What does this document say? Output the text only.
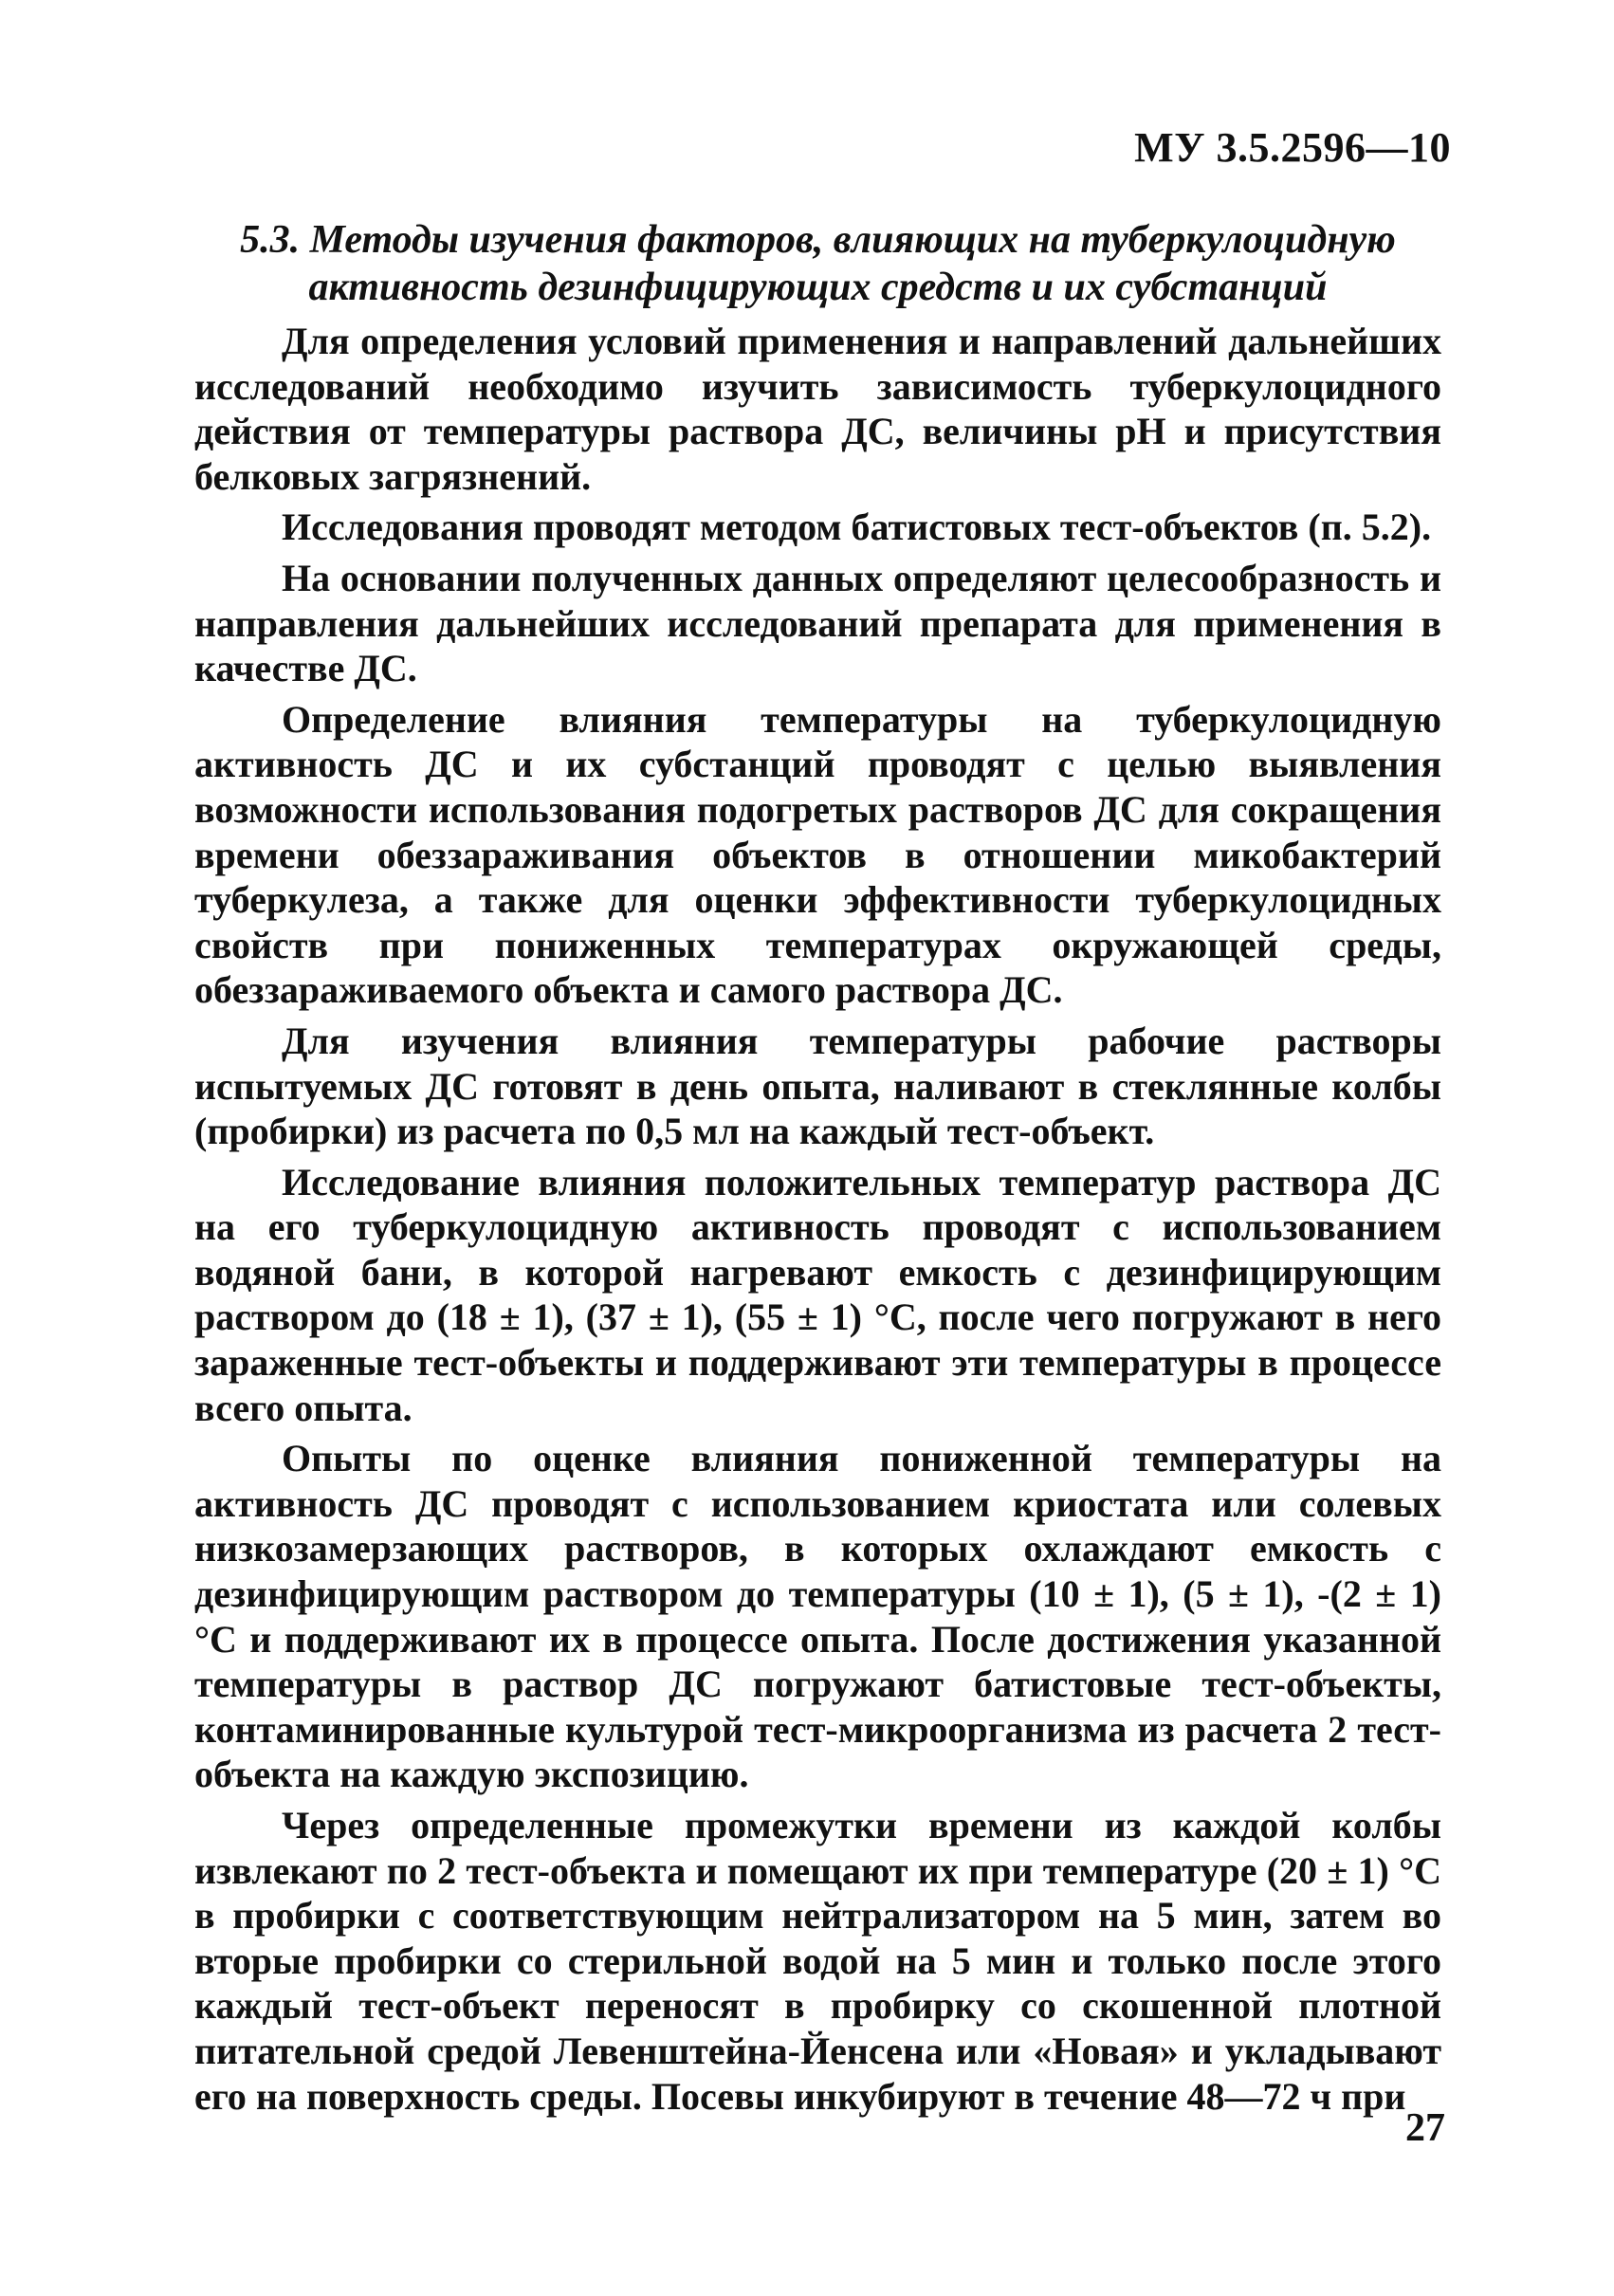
МУ 3.5.2596—10
5.3. Методы изучения факторов, влияющих на туберкулоцидную
активность дезинфицирующих средств и их субстанций

Для определения условий применения и направлений дальнейших исследований необходимо изучить зависимость туберкулоцидного действия от температуры раствора ДС, величины pH и присутствия белковых загрязнений.

Исследования проводят методом батистовых тест-объектов (п. 5.2).

На основании полученных данных определяют целесообразность и направления дальнейших исследований препарата для применения в качестве ДС.

Определение влияния температуры на туберкулоцидную активность ДС и их субстанций проводят с целью выявления возможности использования подогретых растворов ДС для сокращения времени обеззараживания объектов в отношении микобактерий туберкулеза, а также для оценки эффективности туберкулоцидных свойств при пониженных температурах окружающей среды, обеззараживаемого объекта и самого раствора ДС.

Для изучения влияния температуры рабочие растворы испытуемых ДС готовят в день опыта, наливают в стеклянные колбы (пробирки) из расчета по 0,5 мл на каждый тест-объект.

Исследование влияния положительных температур раствора ДС на его туберкулоцидную активность проводят с использованием водяной бани, в которой нагревают емкость с дезинфицирующим раствором до (18 ± 1), (37 ± 1), (55 ± 1) °С, после чего погружают в него зараженные тест-объекты и поддерживают эти температуры в процессе всего опыта.

Опыты по оценке влияния пониженной температуры на активность ДС проводят с использованием криостата или солевых низкозамерзающих растворов, в которых охлаждают емкость с дезинфицирующим раствором до температуры (10 ± 1), (5 ± 1), -(2 ± 1) °С и поддерживают их в процессе опыта. После достижения указанной температуры в раствор ДС погружают батистовые тест-объекты, контаминированные культурой тест-микроорганизма из расчета 2 тест-объекта на каждую экспозицию.

Через определенные промежутки времени из каждой колбы извлекают по 2 тест-объекта и помещают их при температуре (20 ± 1) °С в пробирки с соответствующим нейтрализатором на 5 мин, затем во вторые пробирки со стерильной водой на 5 мин и только после этого каждый тест-объект переносят в пробирку со скошенной плотной питательной средой Левенштейна-Йенсена или «Новая» и укладывают его на поверхность среды. Посевы инкубируют в течение 48—72 ч при

27
